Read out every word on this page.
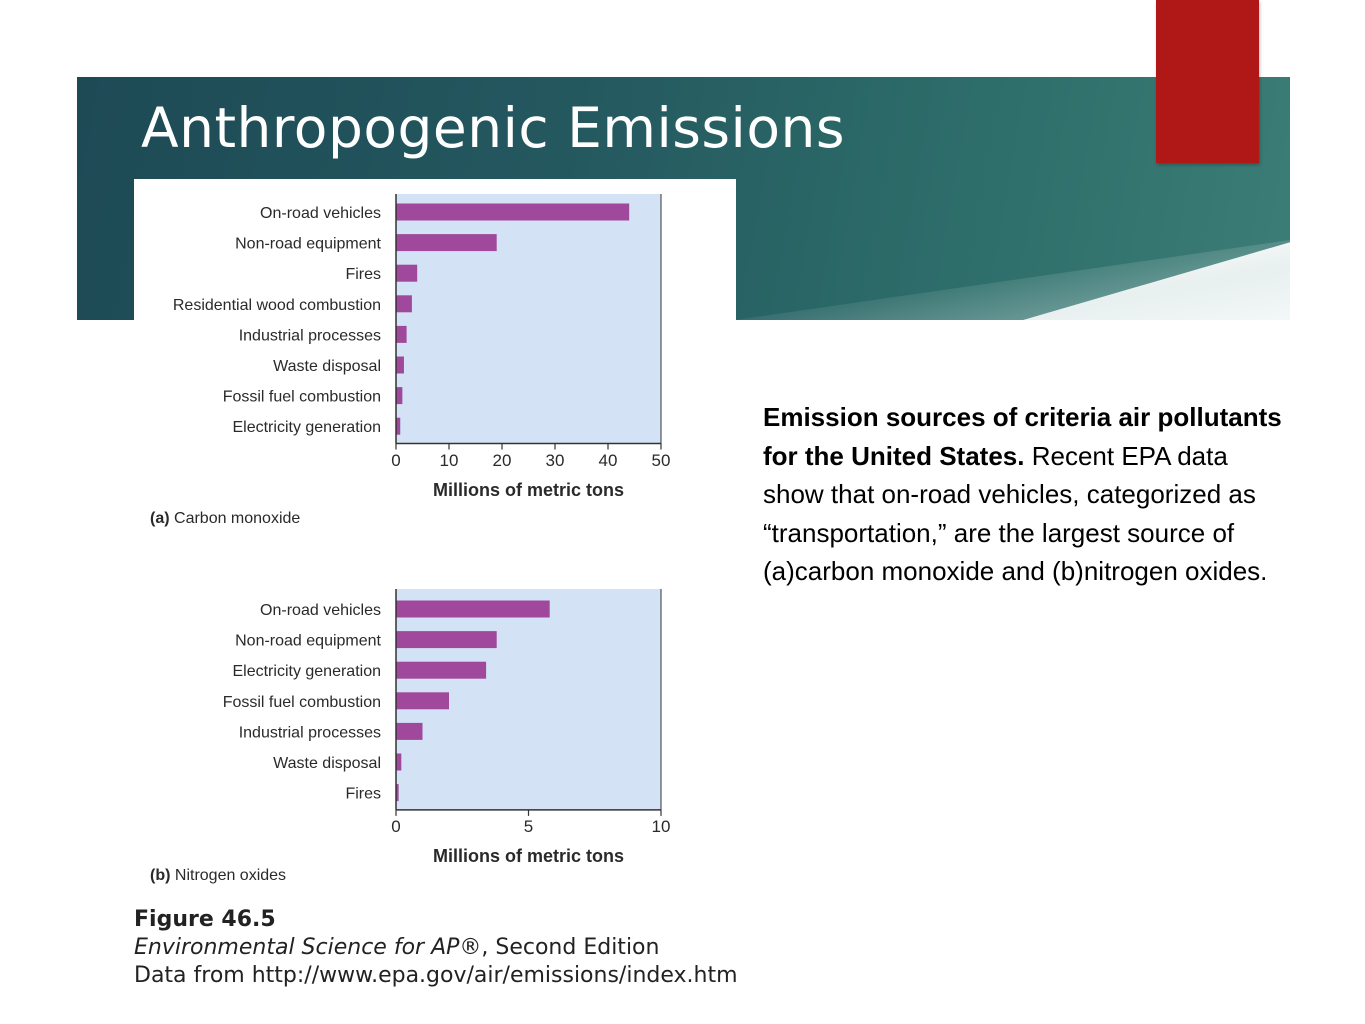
Anthropogenic Emissions
On-road vehicles
Non-road equipment
Fires
Residential wood combustion
Industrial processes
Waste disposal
Fossil fuel combustion
Electricity generation
0 10 20 30 40 50
Millions of metric tons
(a) Carbon monoxide
On-road vehicles
Non-road equipment
Electricity generation
Fossil fuel combustion
Industrial processes
Waste disposal
Fires
0	5	10
Millions of metric tons
(b) Nitrogen oxides
Figure 46.5
Environmental Science for AP®, Second Edition
Data from http://www.epa.gov/air/emissions/index.htm
Emission sources of criteria air pollutants for the United States. Recent EPA data show that on-road vehicles, categorized as “transportation,” are the largest source of (a)carbon monoxide and (b)nitrogen oxides.
